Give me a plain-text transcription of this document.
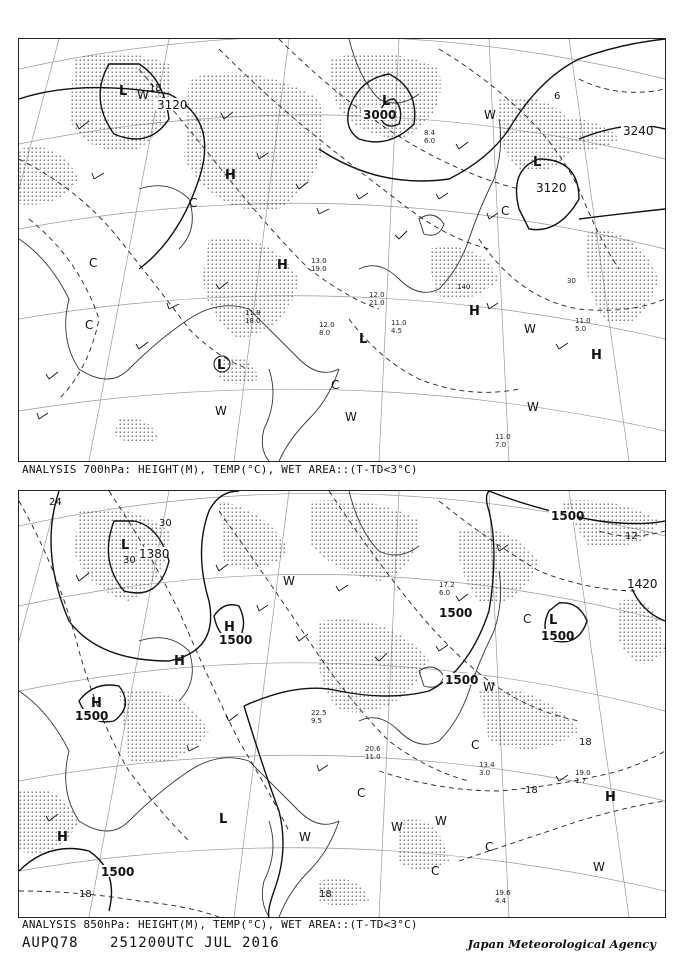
140
30
3120
3000
3240
3120
18
6
L
L
L
L
L
H
H
H
H
C
C
C
C
C
W
W
W
W
W
W
11.0 5.0
11.0 7.0
12.0 21.0
11.0 4.5
8.4 6.0
13.0 19.0
12.0 8.0
11.8 18.0
ANALYSIS 700hPa: HEIGHT(M), TEMP(°C), WET AREA::(T-TD<3°C)
1380
1500
1500
1500
1500
1500
1500
1500
1420
24
30
30
18
18
18
18
12
L
L
L
H
H
H
H
H
C
C
C
C
C
W
W	W
W
W
W
19.0 1.7
19.6 4.4
13.4 3.0
20.6 11.0
17.2 6.0
22.5 9.5
ANALYSIS 850hPa: HEIGHT(M), TEMP(°C), WET AREA::(T-TD<3°C)
AUPQ78 251200UTC JUL 2016	Japan Meteorological Agency
